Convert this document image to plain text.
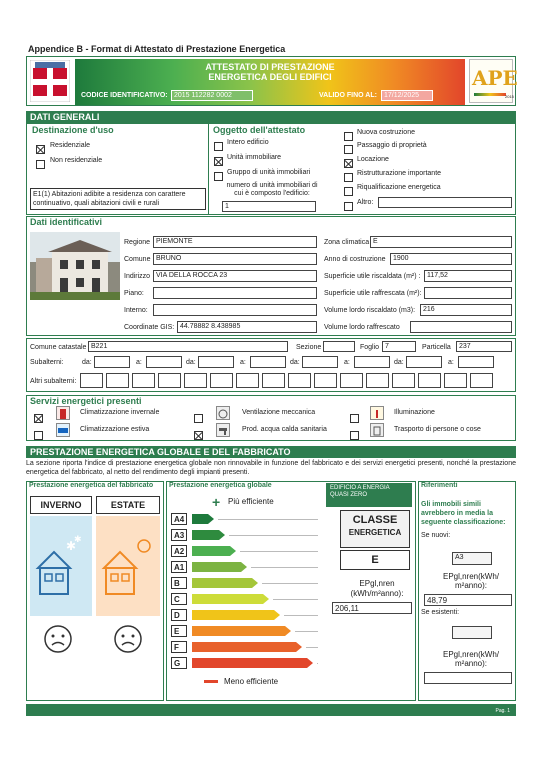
Appendice B - Format di Attestato di Prestazione Energetica
ATTESTATO DI PRESTAZIONE
ENERGETICA DEGLI EDIFICI
CODICE IDENTIFICATIVO: 2015 112282 0002	VALIDO FINO AL:	17/12/2025
APE
2015
DATI GENERALI
Destinazione d'uso
Residenziale
Non residenziale
E1(1) Abitazioni adibite a residenza con carattere continuativo, quali abitazioni civili e rurali
Oggetto dell'attestato
Intero edificio
Unità immobiliare
Gruppo di unità immobiliari
numero di unità immobiliari di cui è composto l'edificio:
1
Nuova costruzione
Passaggio di proprietà
Locazione
Ristrutturazione importante
Riqualificazione energetica
Altro:
Dati identificativi
Regione PIEMONTE
Comune BRUNO
Indirizzo VIA DELLA ROCCA 23
Piano:
Interno:
Coordinate GIS: 44.78882 8.438985
Zona climatica E
Anno di costruzione	1900
Superficie utile riscaldata (m²) : 117,52
Superficie utile raffrescata (m²):
Volume lordo riscaldato (m3):	216
Volume lordo raffrescato
Comune catastale B221	Sezione	Foglio 7	Particella	237
Subalterni:	da:	a:	da:	a:	da:	a:	da:	a:
Altri subalterni:
Servizi energetici presenti
Climatizzazione invernale
Climatizzazione estiva
Ventilazione meccanica
Prod. acqua calda sanitaria
Illuminazione
Trasporto di persone o cose
PRESTAZIONE ENERGETICA GLOBALE E DEL FABBRICATO
La sezione riporta l'indice di prestazione energetica globale non rinnovabile in funzione del fabbricato e dei servizi energetici presenti, nonché la prestazione energetica del fabbricato, al netto del rendimento degli impianti presenti.
Prestazione energetica del fabbricato
INVERNO	ESTATE
✱
✱
Prestazione energetica globale
+ Più efficiente
EDIFICIO A ENERGIA QUASI ZERO
A4
A3
A2
A1
B
C
D
E
F
G
Meno efficiente
CLASSE
ENERGETICA
E
EPgl,nren (kWh/m²anno):
206,11
Riferimenti
Gli immobili simili avrebbero in media la seguente classificazione:
Se nuovi:
A3
EPgl,nren(kWh/ m²anno):
48,79
Se esistenti:
EPgl,nren(kWh/ m²anno):
Pag. 1
